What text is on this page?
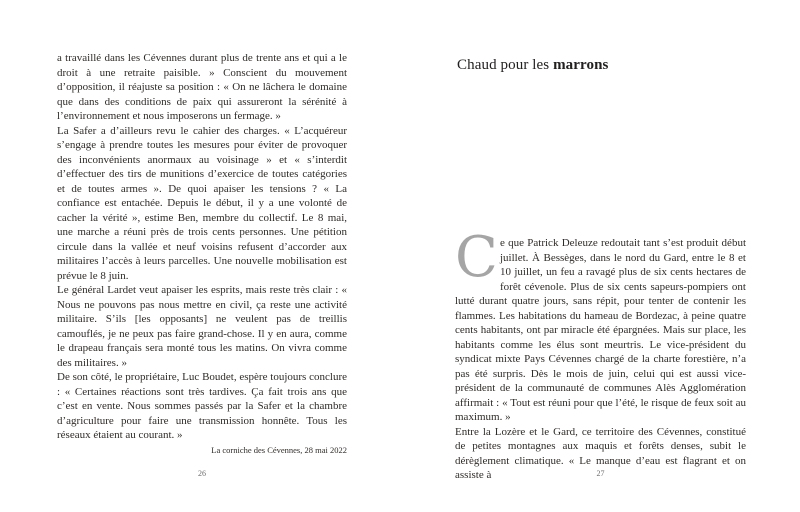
a travaillé dans les Cévennes durant plus de trente ans et qui a le droit à une retraite paisible. » Conscient du mouvement d’opposition, il réajuste sa position : « On ne lâchera le domaine que dans des conditions de paix qui assureront la sérénité à l’environnement et nous imposerons un fermage. »

La Safer a d’ailleurs revu le cahier des charges. « L’acquéreur s’engage à prendre toutes les mesures pour éviter de provoquer des inconvénients anormaux au voisinage » et « s’interdit d’effectuer des tirs de munitions d’exercice de toutes catégories et de toutes armes ». De quoi apaiser les tensions ? « La confiance est entachée. Depuis le début, il y a une volonté de cacher la vérité », estime Ben, membre du collectif. Le 8 mai, une marche a réuni près de trois cents personnes. Une pétition circule dans la vallée et neuf voisins refusent d’accorder aux militaires l’accès à leurs parcelles. Une nouvelle mobilisation est prévue le 8 juin.

Le général Lardet veut apaiser les esprits, mais reste très clair : « Nous ne pouvons pas nous mettre en civil, ça reste une activité militaire. S’ils [les opposants] ne veulent pas de treillis camouflés, je ne peux pas faire grand-chose. Il y en aura, comme le drapeau français sera monté tous les matins. On vivra comme des militaires. »

De son côté, le propriétaire, Luc Boudet, espère toujours conclure : « Certaines réactions sont très tardives. Ça fait trois ans que c’est en vente. Nous sommes passés par la Safer et la chambre d’agriculture pour faire une transmission honnête. Tous les réseaux étaient au courant. »

La corniche des Cévennes, 28 mai 2022

26
Chaud pour les marrons

Ce que Patrick Deleuze redoutait tant s’est produit début juillet. À Bessèges, dans le nord du Gard, entre le 8 et 10 juillet, un feu a ravagé plus de six cents hectares de forêt cévenole. Plus de six cents sapeurs-pompiers ont lutté durant quatre jours, sans répit, pour tenter de contenir les flammes. Les habitations du hameau de Bordezac, à peine quatre cents habitants, ont par miracle été épargnées. Mais sur place, les habitants comme les élus sont meurtris. Le vice-président du syndicat mixte Pays Cévennes chargé de la charte forestière, n’a pas été surpris. Dès le mois de juin, celui qui est aussi vice-président de la communauté de communes Alès Agglomération affirmait : « Tout est réuni pour que l’été, le risque de feux soit au maximum. »

Entre la Lozère et le Gard, ce territoire des Cévennes, constitué de petites montagnes aux maquis et forêts denses, subit le dérèglement climatique. « Le manque d’eau est flagrant et on assiste à	27
